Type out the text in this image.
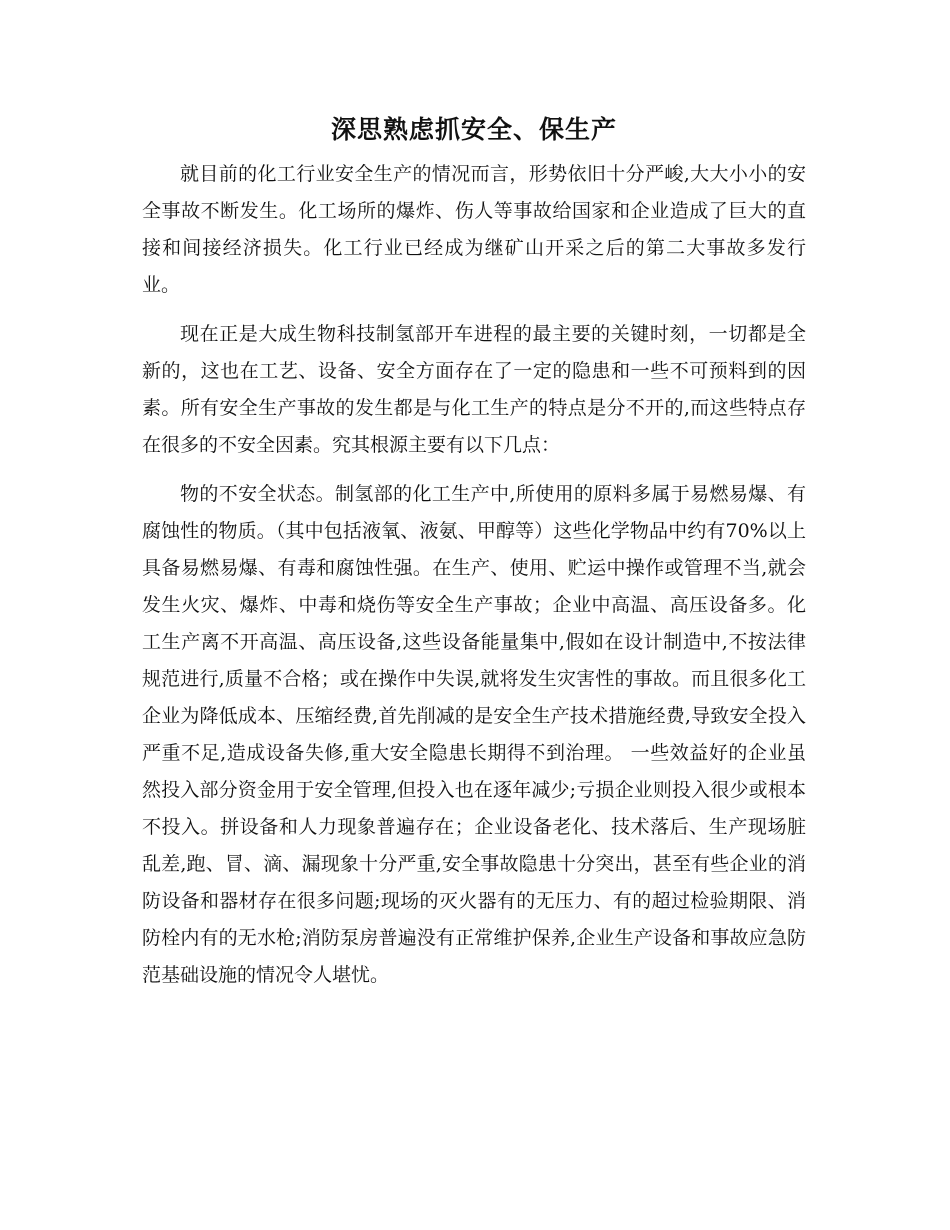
深思熟虑抓安全、保生产

就目前的化工行业安全生产的情况而言，形势依旧十分严峻,大大小小的安全事故不断发生。化工场所的爆炸、伤人等事故给国家和企业造成了巨大的直接和间接经济损失。化工行业已经成为继矿山开采之后的第二大事故多发行业。

现在正是大成生物科技制氢部开车进程的最主要的关键时刻，一切都是全新的，这也在工艺、设备、安全方面存在了一定的隐患和一些不可预料到的因素。所有安全生产事故的发生都是与化工生产的特点是分不开的,而这些特点存在很多的不安全因素。究其根源主要有以下几点：

物的不安全状态。制氢部的化工生产中,所使用的原料多属于易燃易爆、有腐蚀性的物质。（其中包括液氧、液氨、甲醇等）这些化学物品中约有70%以上具备易燃易爆、有毒和腐蚀性强。在生产、使用、贮运中操作或管理不当,就会发生火灾、爆炸、中毒和烧伤等安全生产事故；企业中高温、高压设备多。化工生产离不开高温、高压设备,这些设备能量集中,假如在设计制造中,不按法律规范进行,质量不合格；或在操作中失误,就将发生灾害性的事故。而且很多化工企业为降低成本、压缩经费,首先削减的是安全生产技术措施经费,导致安全投入严重不足,造成设备失修,重大安全隐患长期得不到治理。 一些效益好的企业虽然投入部分资金用于安全管理,但投入也在逐年减少;亏损企业则投入很少或根本不投入。拼设备和人力现象普遍存在；企业设备老化、技术落后、生产现场脏乱差,跑、冒、滴、漏现象十分严重,安全事故隐患十分突出，甚至有些企业的消防设备和器材存在很多问题;现场的灭火器有的无压力、有的超过检验期限、消防栓内有的无水枪;消防泵房普遍没有正常维护保养,企业生产设备和事故应急防范基础设施的情况令人堪忧。
